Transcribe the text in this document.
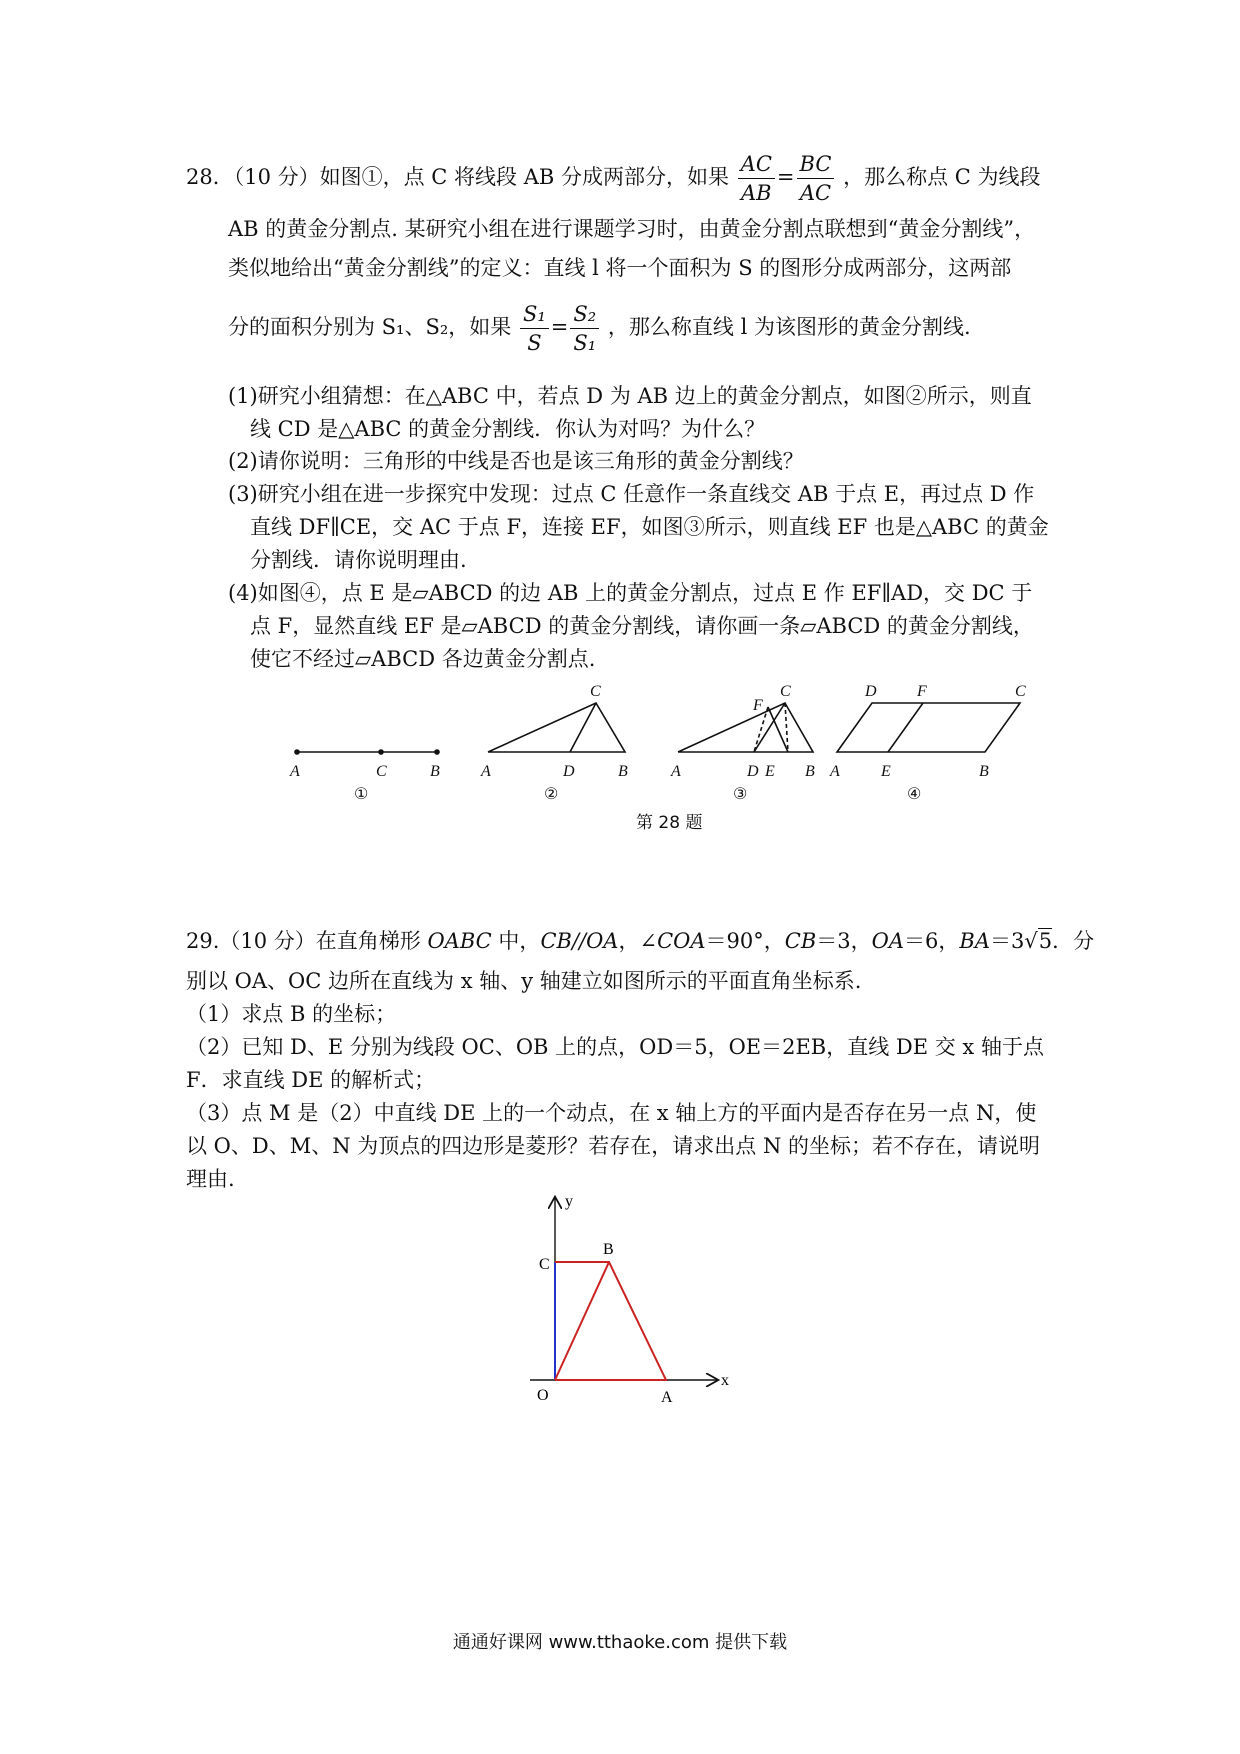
28．（10 分）如图①，点 C 将线段 AB 分成两部分，如果 $\frac{AC}{AB} = \frac{BC}{AC}$ ，那么称点 C 为线段
AB 的黄金分割点. 某研究小组在进行课题学习时，由黄金分割点联想到“黄金分割线”，
类似地给出“黄金分割线”的定义：直线 l 将一个面积为 S 的图形分成两部分，这两部
分的面积分别为 S₁、S₂，如果 $\frac{\text{S₁}}{S} = \frac{\text{S₂}}{\text{S₁}}$ ，那么称直线 l 为该图形的黄金分割线.
(1)研究小组猜想：在△ABC 中，若点 D 为 AB 边上的黄金分割点，如图②所示，则直
线 CD 是△ABC 的黄金分割线．你认为对吗？为什么？
(2)请你说明：三角形的中线是否也是该三角形的黄金分割线？
(3)研究小组在进一步探究中发现：过点 C 任意作一条直线交 AB 于点 E，再过点 D 作
直线 DF∥CE，交 AC 于点 F，连接 EF，如图③所示，则直线 EF 也是△ABC 的黄金
分割线．请你说明理由.
(4)如图④，点 E 是▱ABCD 的边 AB 上的黄金分割点，过点 E 作 EF∥AD，交 DC 于
点 F，显然直线 EF 是▱ABCD 的黄金分割线，请你画一条▱ABCD 的黄金分割线，
使它不经过▱ABCD 各边黄金分割点.
A	C	B
①
C
A	D	B
②
C
F
A	D E B
③
D	F	C
A	E	B
④
第 28 题
29.（10 分）在直角梯形 OABC 中，CB//OA，∠COA＝90°，CB＝3，OA＝6，BA＝3√5．分
别以 OA、OC 边所在直线为 x 轴、y 轴建立如图所示的平面直角坐标系.
（1）求点 B 的坐标；
（2）已知 D、E 分别为线段 OC、OB 上的点，OD＝5，OE＝2EB，直线 DE 交 x 轴于点
F．求直线 DE 的解析式；
（3）点 M 是（2）中直线 DE 上的一个动点，在 x 轴上方的平面内是否存在另一点 N，使
以 O、D、M、N 为顶点的四边形是菱形？若存在，请求出点 N 的坐标；若不存在，请说明
理由.
y
x
C
B
O	A
通通好课网 www.tthaoke.com 提供下载
